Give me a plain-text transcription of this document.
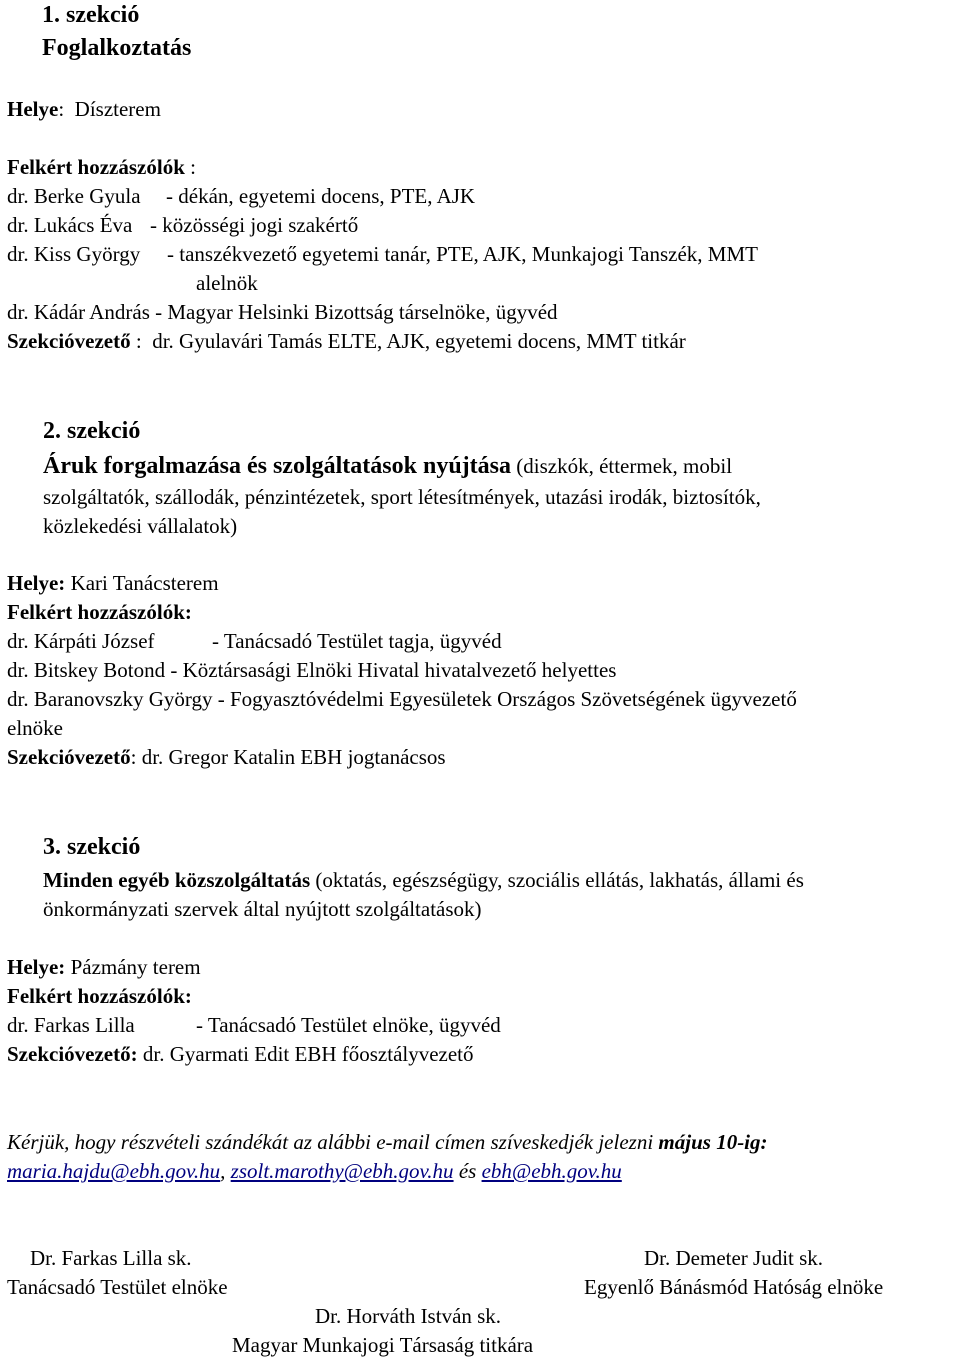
1. szekció
Foglalkoztatás
Helye:  Díszterem
Felkért hozzászólók :
dr. Berke Gyula - dékán, egyetemi docens, PTE, AJK
dr. Lukács Éva - közösségi jogi szakértő
dr. Kiss György - tanszékvezető egyetemi tanár, PTE, AJK, Munkajogi Tanszék, MMT
alelnök
dr. Kádár András - Magyar Helsinki Bizottság társelnöke, ügyvéd
Szekcióvezető :  dr. Gyulavári Tamás ELTE, AJK, egyetemi docens, MMT titkár
2. szekció
Áruk forgalmazása és szolgáltatások nyújtása (diszkók, éttermek, mobil
szolgáltatók, szállodák, pénzintézetek, sport létesítmények, utazási irodák, biztosítók,
közlekedési vállalatok)
Helye: Kari Tanácsterem
Felkért hozzászólók:
dr. Kárpáti József	- Tanácsadó Testület tagja, ügyvéd
dr. Bitskey Botond - Köztársasági Elnöki Hivatal hivatalvezető helyettes
dr. Baranovszky György - Fogyasztóvédelmi Egyesületek Országos Szövetségének ügyvezető
elnöke
Szekcióvezető: dr. Gregor Katalin EBH jogtanácsos
3. szekció
Minden egyéb közszolgáltatás (oktatás, egészségügy, szociális ellátás, lakhatás, állami és
önkormányzati szervek által nyújtott szolgáltatások)
Helye: Pázmány terem
Felkért hozzászólók:
dr. Farkas Lilla	- Tanácsadó Testület elnöke, ügyvéd
Szekcióvezető: dr. Gyarmati Edit EBH főosztályvezető
Kérjük, hogy részvételi szándékát az alábbi e-mail címen szíveskedjék jelezni május 10-ig:
maria.hajdu@ebh.gov.hu, zsolt.marothy@ebh.gov.hu és ebh@ebh.gov.hu
Dr. Farkas Lilla sk.
Tanácsadó Testület elnöke
Dr. Demeter Judit sk.
Egyenlő Bánásmód Hatóság elnöke
Dr. Horváth István sk.
Magyar Munkajogi Társaság titkára
